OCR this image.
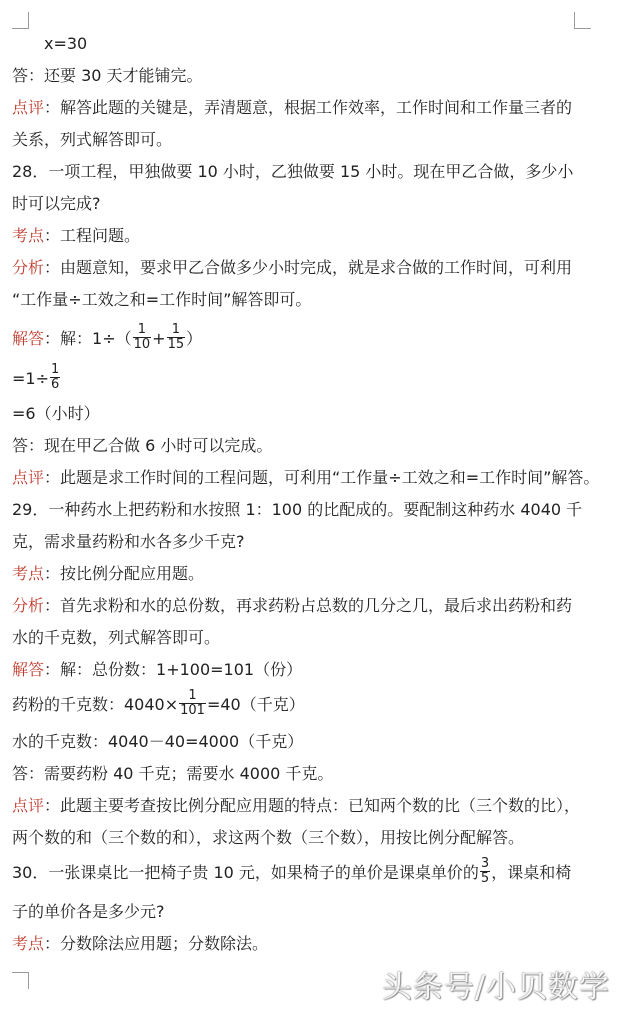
x=30
答：还要 30 天才能铺完。
点评：解答此题的关键是，弄清题意，根据工作效率，工作时间和工作量三者的
关系，列式解答即可。
28．一项工程，甲独做要 10 小时，乙独做要 15 小时。现在甲乙合做，多少小
时可以完成?
考点：工程问题。
分析：由题意知，要求甲乙合做多少小时完成，就是求合做的工作时间，可利用
“工作量÷工效之和=工作时间”解答即可。
解答：解：$1\div( \frac{1}{10} + \frac{1}{15}$ ）
$=1\div \frac{1}{6}$
=6（小时）
答：现在甲乙合做 6 小时可以完成。
点评：此题是求工作时间的工程问题，可利用“工作量÷工效之和=工作时间”解答。
29．一种药水上把药粉和水按照 1：100 的比配成的。要配制这种药水 4040 千
克，需求量药粉和水各多少千克?
考点：按比例分配应用题。
分析：首先求粉和水的总份数，再求药粉占总数的几分之几，最后求出药粉和药
水的千克数，列式解答即可。
解答：解：总份数：1+100=101（份）
药粉的千克数：$4040\times \frac{1}{101} =40$（千克）
水的千克数：4040－40=4000（千克）
答：需要药粉 40 千克；需要水 4000 千克。
点评：此题主要考查按比例分配应用题的特点：已知两个数的比（三个数的比），
两个数的和（三个数的和），求这两个数（三个数），用按比例分配解答。
30．一张课桌比一把椅子贵 10 元，如果椅子的单价是课桌单价的 $\frac{3}{5}$ ，课桌和椅
子的单价各是多少元?
考点：分数除法应用题；分数除法。
头条号/小贝数学
